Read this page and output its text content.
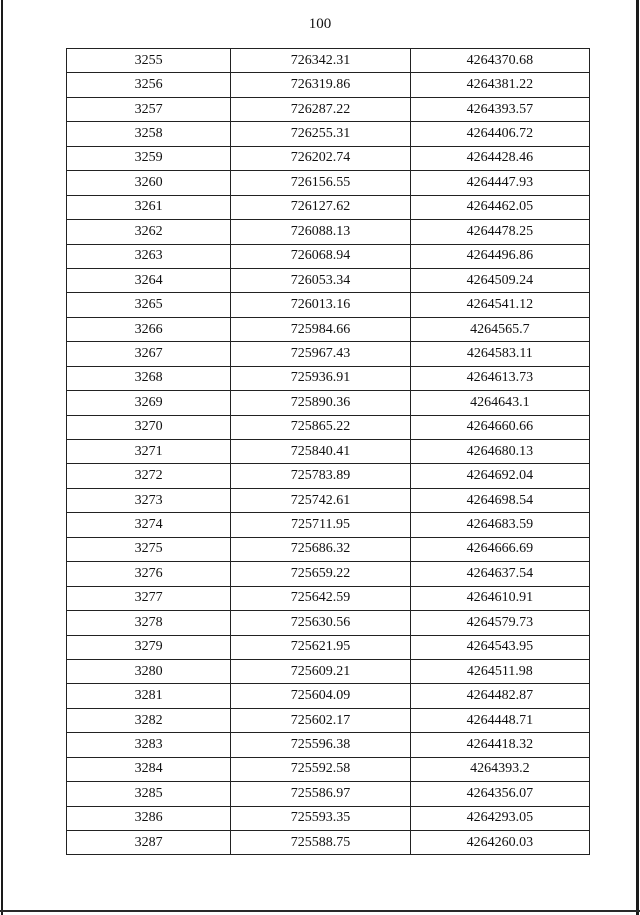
100
3255	726342.31	4264370.68
3256	726319.86	4264381.22
3257	726287.22	4264393.57
3258	726255.31	4264406.72
3259	726202.74	4264428.46
3260	726156.55	4264447.93
3261	726127.62	4264462.05
3262	726088.13	4264478.25
3263	726068.94	4264496.86
3264	726053.34	4264509.24
3265	726013.16	4264541.12
3266	725984.66	4264565.7
3267	725967.43	4264583.11
3268	725936.91	4264613.73
3269	725890.36	4264643.1
3270	725865.22	4264660.66
3271	725840.41	4264680.13
3272	725783.89	4264692.04
3273	725742.61	4264698.54
3274	725711.95	4264683.59
3275	725686.32	4264666.69
3276	725659.22	4264637.54
3277	725642.59	4264610.91
3278	725630.56	4264579.73
3279	725621.95	4264543.95
3280	725609.21	4264511.98
3281	725604.09	4264482.87
3282	725602.17	4264448.71
3283	725596.38	4264418.32
3284	725592.58	4264393.2
3285	725586.97	4264356.07
3286	725593.35	4264293.05
3287	725588.75	4264260.03
